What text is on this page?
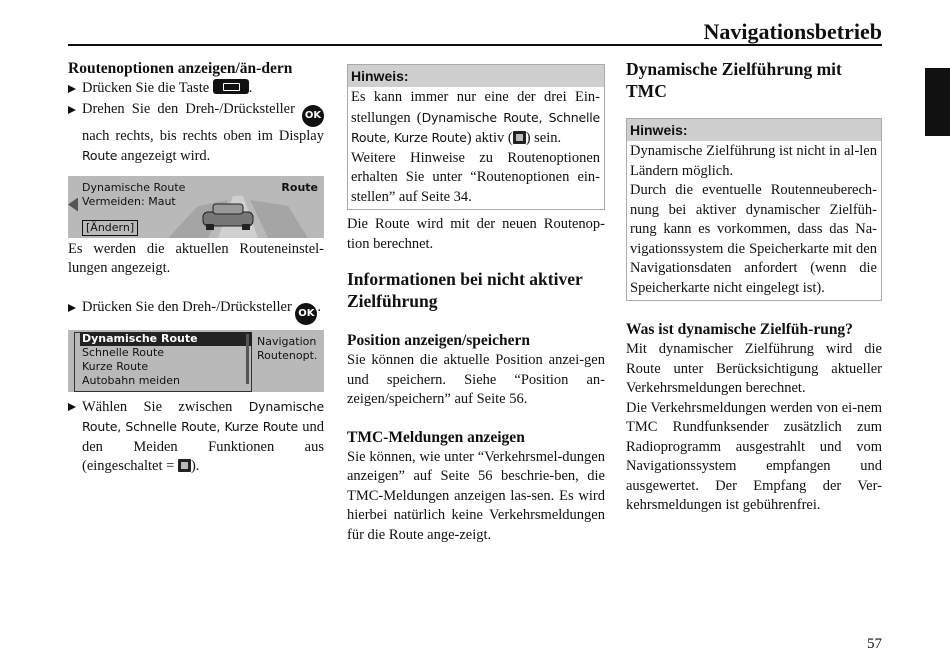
Navigationsbetrieb
Routenoptionen anzeigen/än-dern
Drücken Sie die Taste	.
Drehen Sie den Dreh-/Drücksteller OK nach rechts, bis rechts oben im Display Route angezeigt wird.
Dynamische Route
Vermeiden: Maut
Route
[Ändern]

Es werden die aktuellen Routeneinstel-lungen angezeigt.

Drücken Sie den Dreh-/Drücksteller OK .
Dynamische Route
Schnelle Route
Kurze Route
Autobahn meiden
Navigation
Routenopt.
Wählen Sie zwischen Dynamische Route, Schnelle Route, Kurze Route und den Meiden Funktionen aus (eingeschaltet = ).
Hinweis:
Es kann immer nur eine der drei Ein-stellungen (Dynamische Route, Schnelle Route, Kurze Route) aktiv ( ) sein.
Weitere Hinweise zu Routenoptionen erhalten Sie unter “Routenoptionen ein-stellen” auf Seite 34.

Die Route wird mit der neuen Routenop-tion berechnet.

Informationen bei nicht aktiver Zielführung
Position anzeigen/speichern

Sie können die aktuelle Position anzei-gen und speichern. Siehe “Position an-zeigen/speichern” auf Seite 56.

TMC-Meldungen anzeigen

Sie können, wie unter “Verkehrsmel-dungen anzeigen” auf Seite 56 beschrie-ben, die TMC-Meldungen anzeigen las-sen. Es wird hierbei natürlich keine Verkehrsmeldungen für die Route ange-zeigt.

Dynamische Zielführung mit TMC
Hinweis:
Dynamische Zielführung ist nicht in al-len Ländern möglich.
Durch die eventuelle Routenneuberech-nung bei aktiver dynamischer Zielfüh-rung kann es vorkommen, dass das Na-vigationssystem die Speicherkarte mit den Navigationsdaten anfordert (wenn die Speicherkarte nicht eingelegt ist).
Was ist dynamische Zielfüh-rung?

Mit dynamischer Zielführung wird die Route unter Berücksichtigung aktueller Verkehrsmeldungen berechnet.

Die Verkehrsmeldungen werden von ei-nem TMC Rundfunksender zusätzlich zum Radioprogramm ausgestrahlt und vom Navigationssystem empfangen und ausgewertet. Der Empfang der Ver-kehrsmeldungen ist gebührenfrei.

57
